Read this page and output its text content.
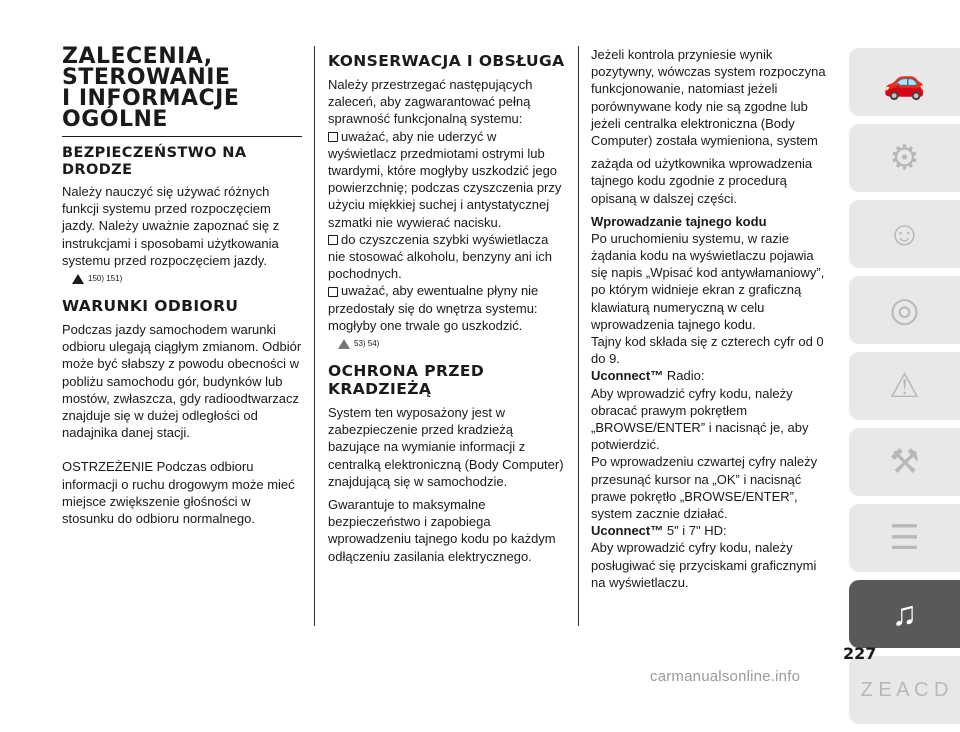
ZALECENIA,
STEROWANIE
I INFORMACJE
OGÓLNE
BEZPIECZEŃSTWO NA DRODZE

Należy nauczyć się używać różnych funkcji systemu przed rozpoczęciem jazdy. Należy uważnie zapoznać się z instrukcjami i sposobami użytkowania systemu przed rozpoczęciem jazdy.

150) 151)
WARUNKI ODBIORU

Podczas jazdy samochodem warunki odbioru ulegają ciągłym zmianom. Odbiór może być słabszy z powodu obecności w pobliżu samochodu gór, budynków lub mostów, zwłaszcza, gdy radioodtwarzacz znajduje się w dużej odległości od nadajnika danej stacji.

OSTRZEŻENIE Podczas odbioru informacji o ruchu drogowym może mieć miejsce zwiększenie głośności w stosunku do odbioru normalnego.

KONSERWACJA I OBSŁUGA

Należy przestrzegać następujących zaleceń, aby zagwarantować pełną sprawność funkcjonalną systemu:

uważać, aby nie uderzyć w wyświetlacz przedmiotami ostrymi lub twardymi, które mogłyby uszkodzić jego powierzchnię; podczas czyszczenia przy użyciu miękkiej suchej i antystatycznej szmatki nie wywierać nacisku.

do czyszczenia szybki wyświetlacza nie stosować alkoholu, benzyny ani ich pochodnych.

uważać, aby ewentualne płyny nie przedostały się do wnętrza systemu: mogłyby one trwale go uszkodzić.

53) 54)
OCHRONA PRZED KRADZIEŻĄ

System ten wyposażony jest w zabezpieczenie przed kradzieżą bazujące na wymianie informacji z centralką elektroniczną (Body Computer) znajdującą się w samochodzie.

Gwarantuje to maksymalne bezpieczeństwo i zapobiega wprowadzeniu tajnego kodu po każdym odłączeniu zasilania elektrycznego.

Jeżeli kontrola przyniesie wynik pozytywny, wówczas system rozpoczyna funkcjonowanie, natomiast jeżeli porównywane kody nie są zgodne lub jeżeli centralka elektroniczna (Body Computer) została wymieniona, system

zażąda od użytkownika wprowadzenia tajnego kodu zgodnie z procedurą opisaną w dalszej części.

Wprowadzanie tajnego kodu

Po uruchomieniu systemu, w razie żądania kodu na wyświetlaczu pojawia się napis „Wpisać kod antywłamaniowy”, po którym widnieje ekran z graficzną klawiaturą numeryczną w celu wprowadzenia tajnego kodu.

Tajny kod składa się z czterech cyfr od 0 do 9.

Uconnect™ Radio:

Aby wprowadzić cyfry kodu, należy obracać prawym pokrętłem „BROWSE/ENTER” i nacisnąć je, aby potwierdzić.

Po wprowadzeniu czwartej cyfry należy przesunąć kursor na „OK” i nacisnąć prawe pokrętło „BROWSE/ENTER”, system zacznie działać.

Uconnect™ 5" i 7" HD:

Aby wprowadzić cyfry kodu, należy posługiwać się przyciskami graficznymi na wyświetlaczu.

🚗
⚙
☺
◎
⚠
⚒
☰
♫
Z E A C D
227
carmanualsonline.info
